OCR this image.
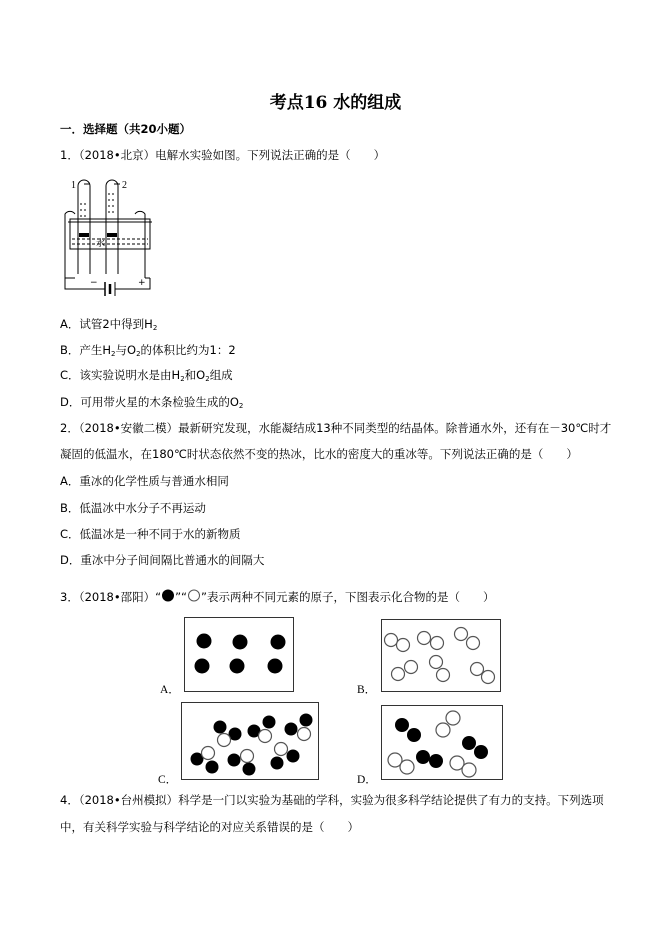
考点16 水的组成
一．选择题（共20小题）
1．（2018•北京）电解水实验如图。下列说法正确的是（　　）
1	2
水
−	+
A．试管2中得到$H_2$
B．产生$H_2$与$O_2$的体积比约为1：2
C．该实验说明水是由$H_2$和$O_2$组成
D．可用带火星的木条检验生成的$O_2$
2．（2018•安徽二模）最新研究发现，水能凝结成13种不同类型的结晶体。除普通水外，还有在－30℃时才
凝固的低温水，在180℃时状态依然不变的热冰，比水的密度大的重冰等。下列说法正确的是（　　）
A．重冰的化学性质与普通水相同
B．低温冰中水分子不再运动
C．低温冰是一种不同于水的新物质
D．重冰中分子间间隔比普通水的间隔大
3．（2018•邵阳）“ ”“ ”表示两种不同元素的原子，下图表示化合物的是（　　）
A．	B．
C．	D．
4．（2018•台州模拟）科学是一门以实验为基础的学科，实验为很多科学结论提供了有力的支持。下列选项
中，有关科学实验与科学结论的对应关系错误的是（　　）
